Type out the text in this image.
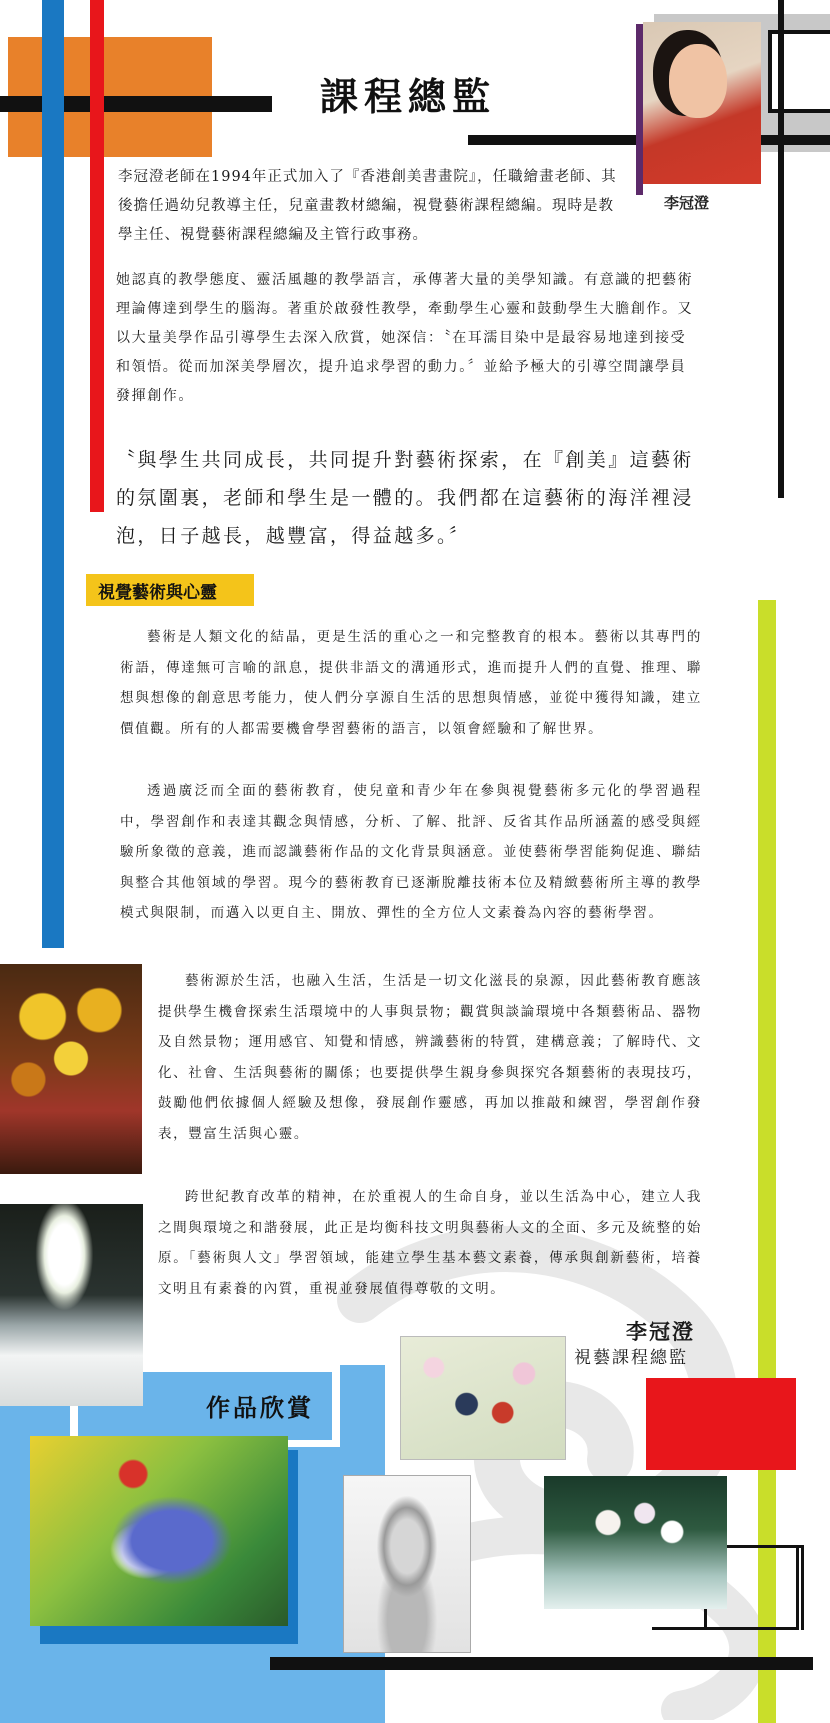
課程總監
李冠澄
李冠澄老師在1994年正式加入了『香港創美書畫院』，任職繪畫老師、其後擔任過幼兒教導主任，兒童畫教材總編，視覺藝術課程總編。現時是教學主任、視覺藝術課程總編及主管行政事務。
她認真的教學態度、靈活風趣的教學語言，承傳著大量的美學知識。有意識的把藝術理論傳達到學生的腦海。著重於啟發性教學，牽動學生心靈和鼓動學生大膽創作。又以大量美學作品引導學生去深入欣賞，她深信：〝在耳濡目染中是最容易地達到接受和領悟。從而加深美學層次，提升追求學習的動力。〞並給予極大的引導空間讓學員發揮創作。
〝與學生共同成長，共同提升對藝術探索，在『創美』這藝術的氛圍裏，老師和學生是一體的。我們都在這藝術的海洋裡浸泡，日子越長，越豐富，得益越多。〞
視覺藝術與心靈
藝術是人類文化的結晶，更是生活的重心之一和完整教育的根本。藝術以其專門的術語，傳達無可言喻的訊息，提供非語文的溝通形式，進而提升人們的直覺、推理、聯想與想像的創意思考能力，使人們分享源自生活的思想與情感，並從中獲得知識，建立價值觀。所有的人都需要機會學習藝術的語言，以領會經驗和了解世界。
透過廣泛而全面的藝術教育，使兒童和青少年在參與視覺藝術多元化的學習過程中，學習創作和表達其觀念與情感，分析、了解、批評、反省其作品所涵蓋的感受與經驗所象徵的意義，進而認識藝術作品的文化背景與涵意。並使藝術學習能夠促進、聯結與整合其他領域的學習。現今的藝術教育已逐漸脫離技術本位及精緻藝術所主導的教學模式與限制，而邁入以更自主、開放、彈性的全方位人文素養為內容的藝術學習。
藝術源於生活，也融入生活，生活是一切文化滋長的泉源，因此藝術教育應該提供學生機會探索生活環境中的人事與景物；觀賞與談論環境中各類藝術品、器物及自然景物；運用感官、知覺和情感，辨識藝術的特質，建構意義；了解時代、文化、社會、生活與藝術的關係；也要提供學生親身參與探究各類藝術的表現技巧，鼓勵他們依據個人經驗及想像，發展創作靈感，再加以推敲和練習，學習創作發表，豐富生活與心靈。
跨世紀教育改革的精神，在於重視人的生命自身，並以生活為中心，建立人我之間與環境之和諧發展，此正是均衡科技文明與藝術人文的全面、多元及統整的始原。「藝術與人文」學習領域，能建立學生基本藝文素養，傳承與創新藝術，培養文明且有素養的內質，重視並發展值得尊敬的文明。
李冠澄
視藝課程總監
作品欣賞
